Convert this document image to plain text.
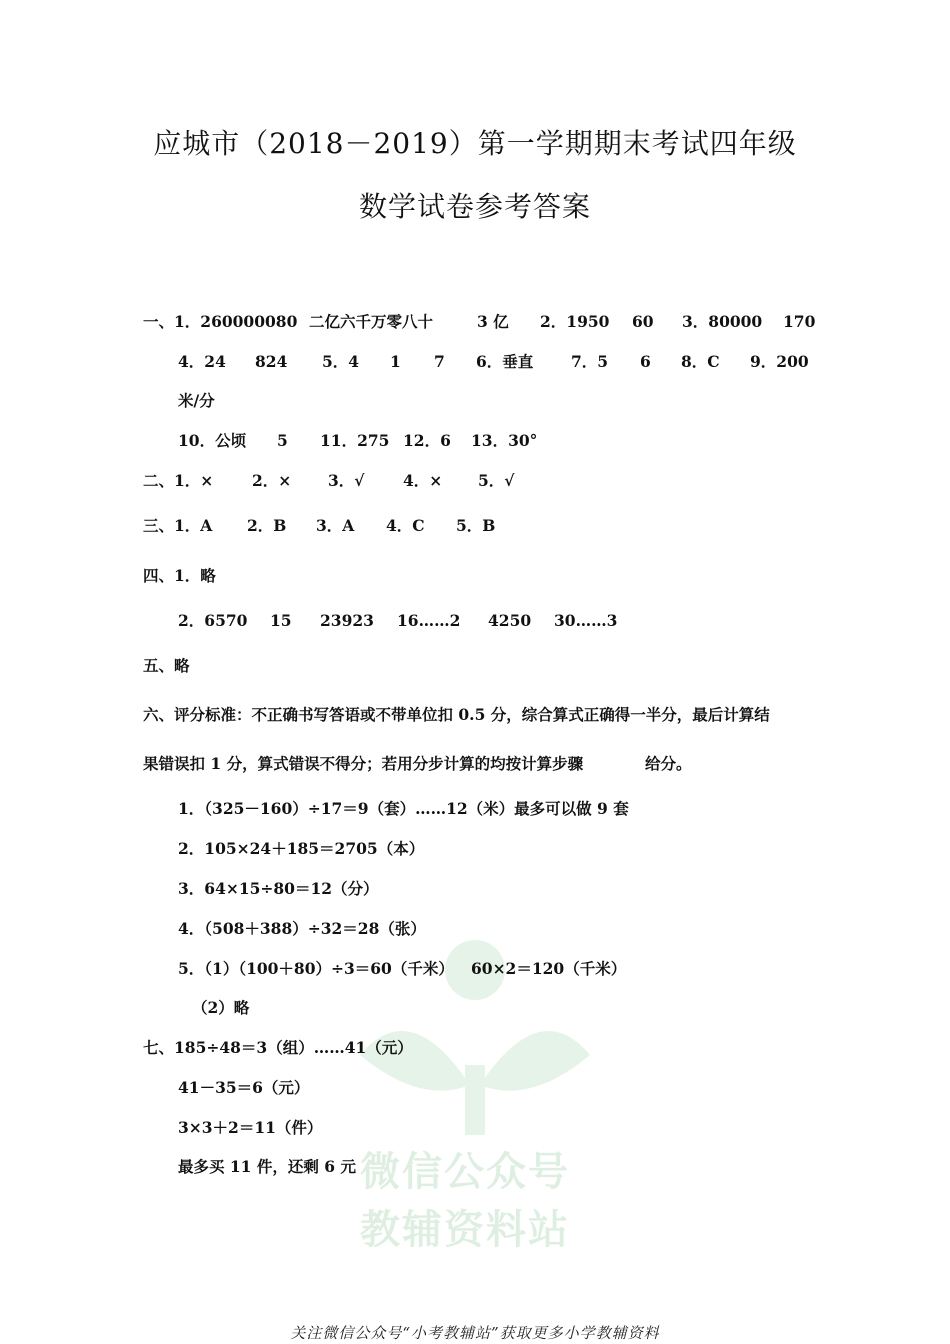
微信公众号
教辅资料站
应城市（2018－2019）第一学期期末考试四年级
数学试卷参考答案
一、1．260000080 二亿六千万零八十	3 亿 2．1950 60 3．80000 170
4．24 824 5．4 1 7 6．垂直 7．5 6 8．C 9．200
米/分
10．公顷 5 11．275 12．6 13．30°
二、1．× 2．× 3．√ 4．× 5．√
三、1．A 2．B 3．A 4．C 5．B
四、1．略
2．6570 15 23923 16……2 4250 30……3
五、略
六、评分标准：不正确书写答语或不带单位扣 0.5 分，综合算式正确得一半分，最后计算结
果错误扣 1 分，算式错误不得分；若用分步计算的均按计算步骤	给分。
1．（325－160）÷17＝9（套）……12（米）最多可以做 9 套
2．105×24＋185＝2705（本）
3．64×15÷80＝12（分）
4．（508＋388）÷32＝28（张）
5．（1）（100＋80）÷3＝60（千米） 60×2＝120（千米）
（2）略
七、185÷48＝3（组）……41（元）
41－35＝6（元）
3×3＋2＝11（件）
最多买 11 件，还剩 6 元
关注微信公众号“小考教辅站”获取更多小学教辅资料
